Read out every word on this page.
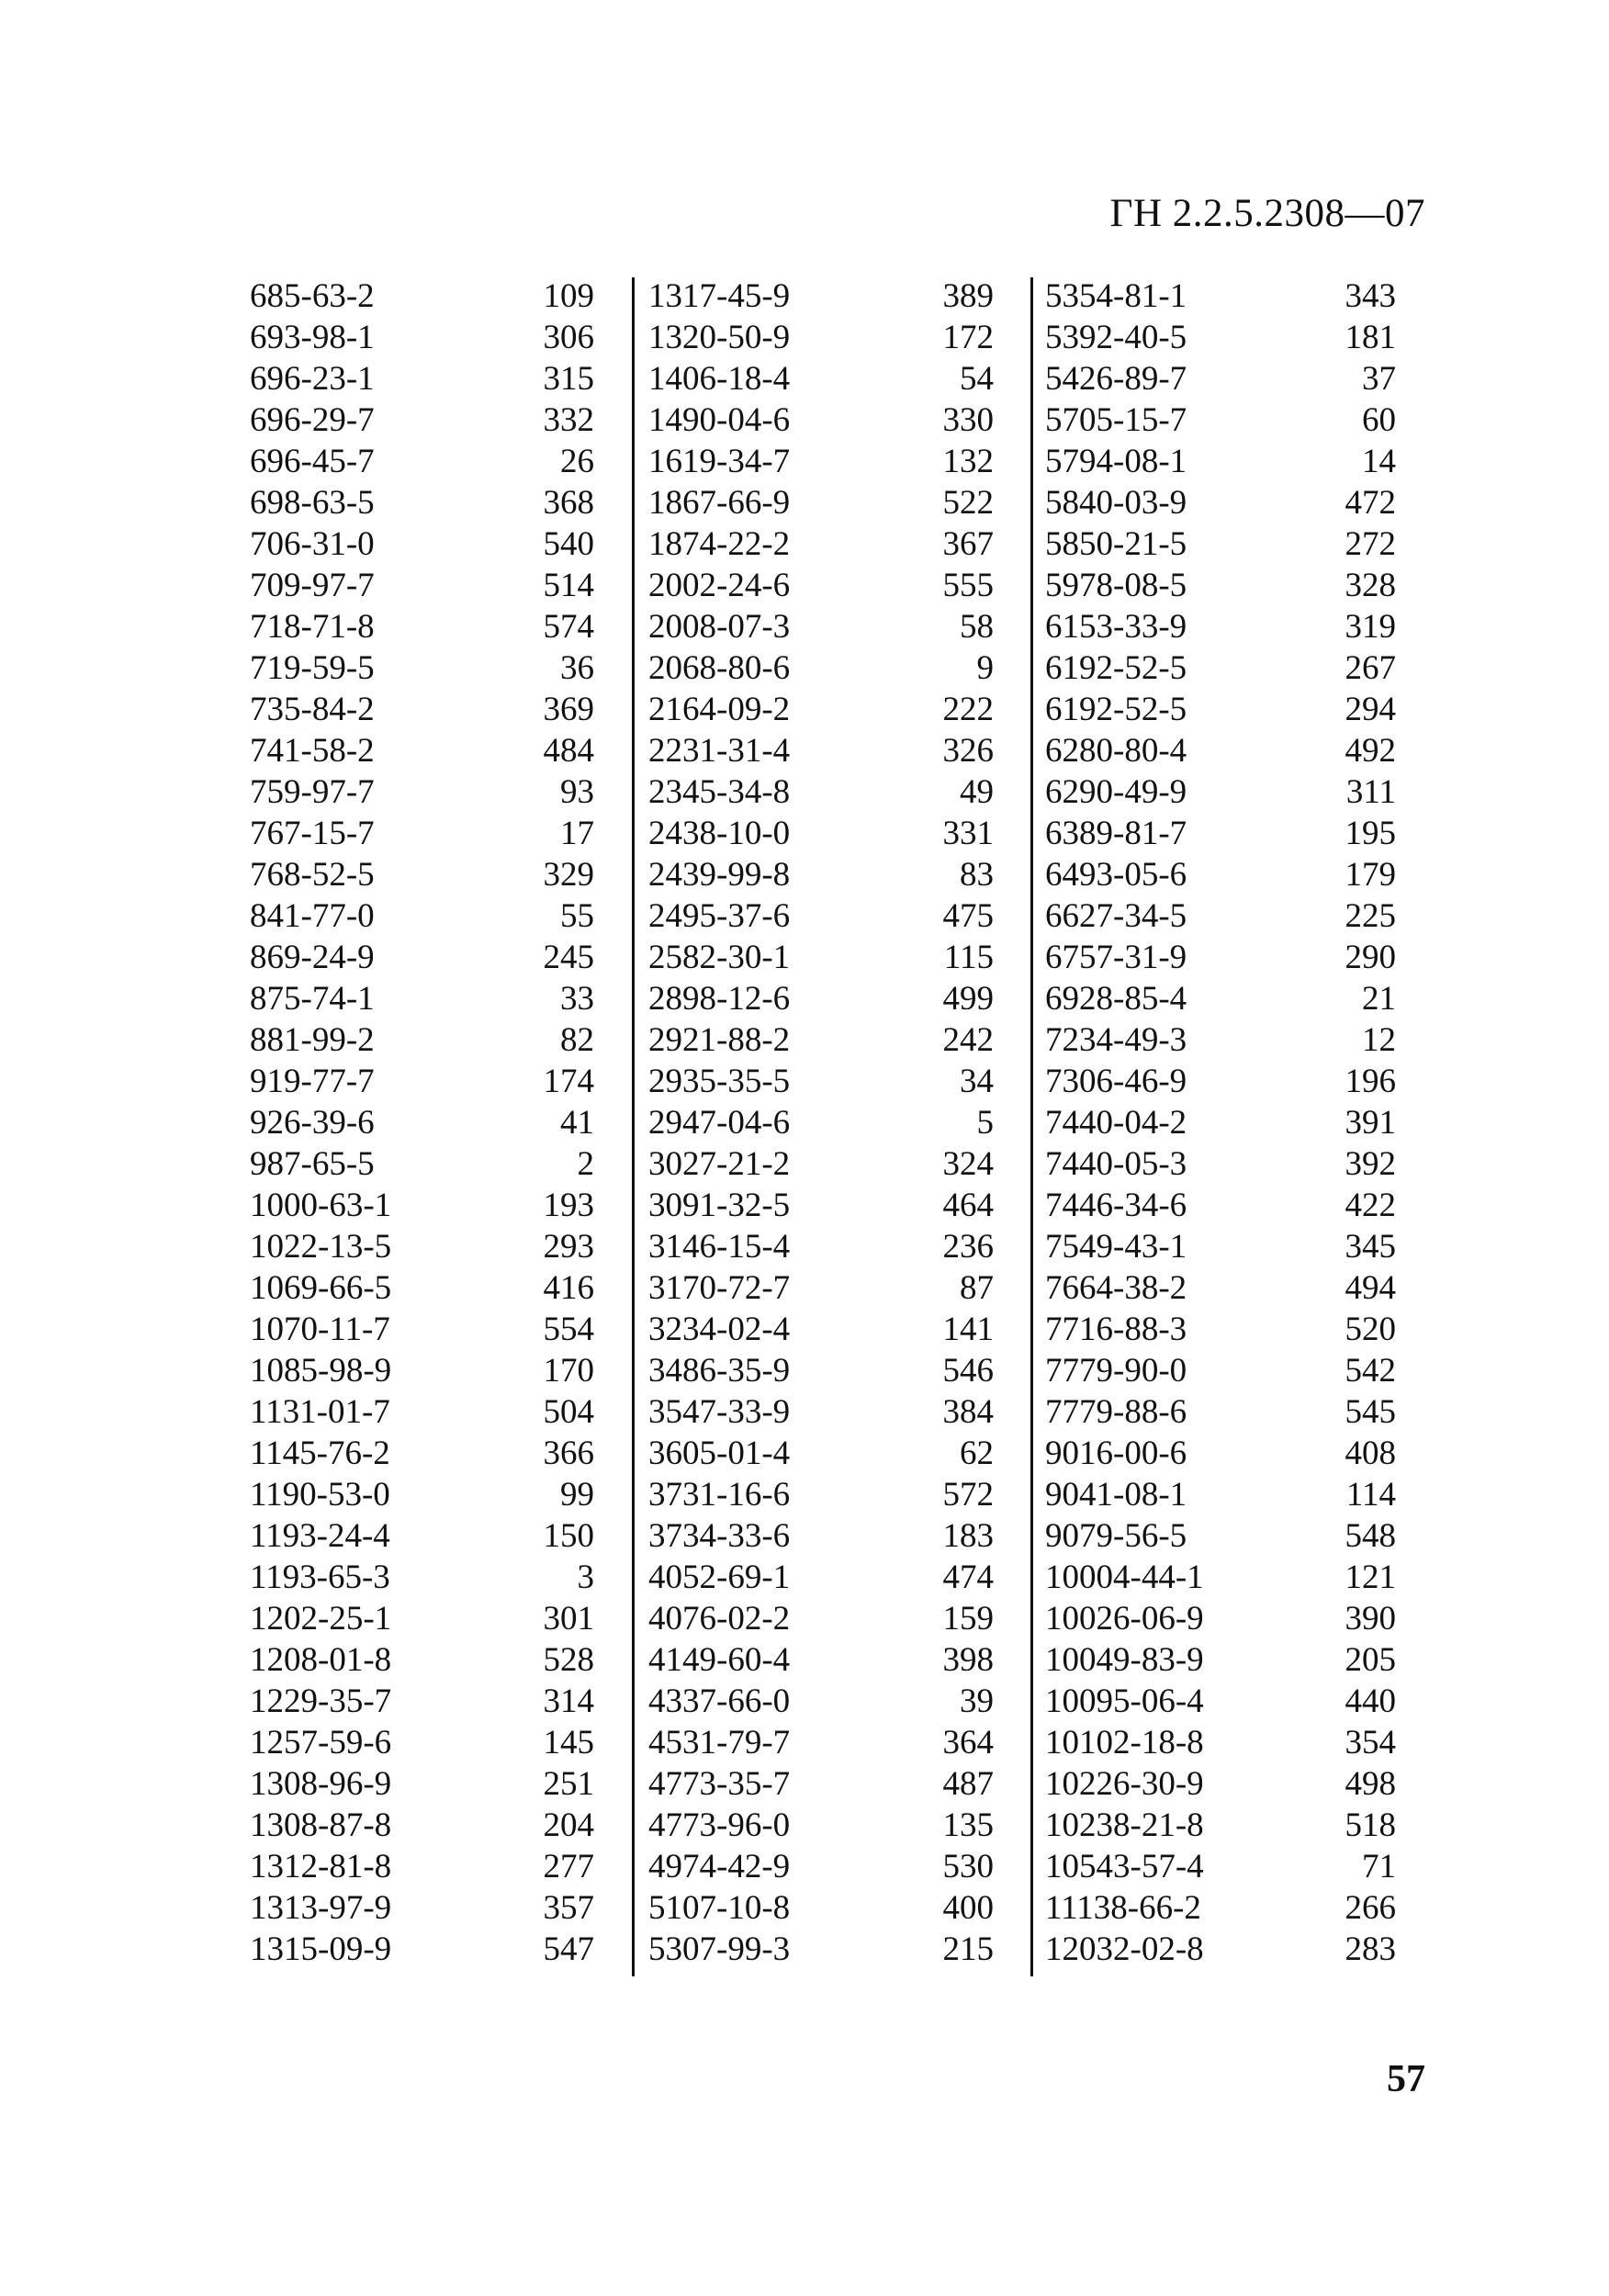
ГН 2.2.5.2308—07
685-63-2	109
693-98-1	306
696-23-1	315
696-29-7	332
696-45-7	26
698-63-5	368
706-31-0	540
709-97-7	514
718-71-8	574
719-59-5	36
735-84-2	369
741-58-2	484
759-97-7	93
767-15-7	17
768-52-5	329
841-77-0	55
869-24-9	245
875-74-1	33
881-99-2	82
919-77-7	174
926-39-6	41
987-65-5	2
1000-63-1	193
1022-13-5	293
1069-66-5	416
1070-11-7	554
1085-98-9	170
1131-01-7	504
1145-76-2	366
1190-53-0	99
1193-24-4	150
1193-65-3	3
1202-25-1	301
1208-01-8	528
1229-35-7	314
1257-59-6	145
1308-96-9	251
1308-87-8	204
1312-81-8	277
1313-97-9	357
1315-09-9	547
1317-45-9	389
1320-50-9	172
1406-18-4	54
1490-04-6	330
1619-34-7	132
1867-66-9	522
1874-22-2	367
2002-24-6	555
2008-07-3	58
2068-80-6	9
2164-09-2	222
2231-31-4	326
2345-34-8	49
2438-10-0	331
2439-99-8	83
2495-37-6	475
2582-30-1	115
2898-12-6	499
2921-88-2	242
2935-35-5	34
2947-04-6	5
3027-21-2	324
3091-32-5	464
3146-15-4	236
3170-72-7	87
3234-02-4	141
3486-35-9	546
3547-33-9	384
3605-01-4	62
3731-16-6	572
3734-33-6	183
4052-69-1	474
4076-02-2	159
4149-60-4	398
4337-66-0	39
4531-79-7	364
4773-35-7	487
4773-96-0	135
4974-42-9	530
5107-10-8	400
5307-99-3	215
5354-81-1	343
5392-40-5	181
5426-89-7	37
5705-15-7	60
5794-08-1	14
5840-03-9	472
5850-21-5	272
5978-08-5	328
6153-33-9	319
6192-52-5	267
6192-52-5	294
6280-80-4	492
6290-49-9	311
6389-81-7	195
6493-05-6	179
6627-34-5	225
6757-31-9	290
6928-85-4	21
7234-49-3	12
7306-46-9	196
7440-04-2	391
7440-05-3	392
7446-34-6	422
7549-43-1	345
7664-38-2	494
7716-88-3	520
7779-90-0	542
7779-88-6	545
9016-00-6	408
9041-08-1	114
9079-56-5	548
10004-44-1	121
10026-06-9	390
10049-83-9	205
10095-06-4	440
10102-18-8	354
10226-30-9	498
10238-21-8	518
10543-57-4	71
11138-66-2	266
12032-02-8	283
57
